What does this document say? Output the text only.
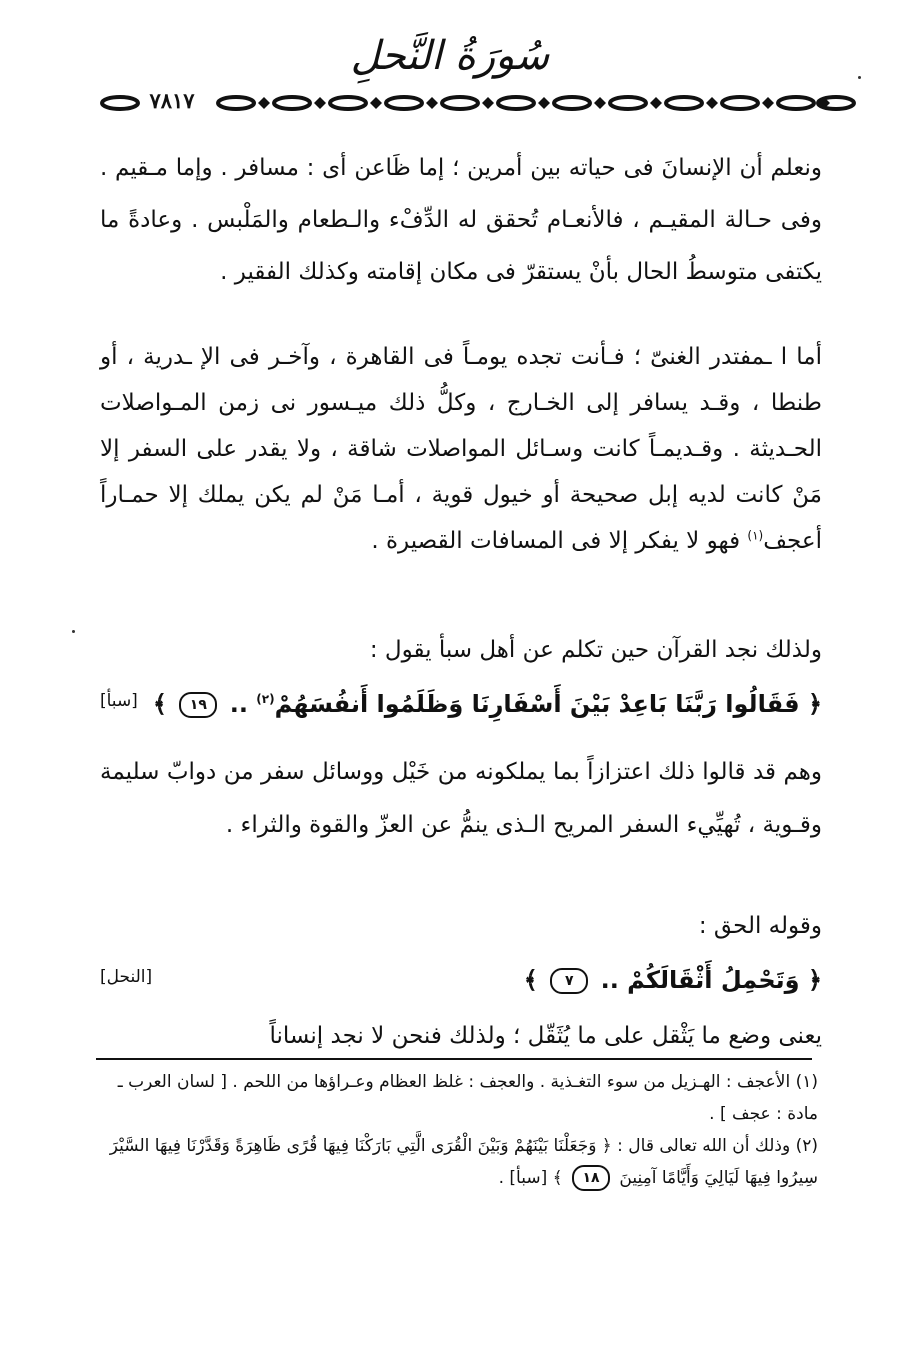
سُورَةُ النَّحلِ
٧٨١٧
ونعلم أن الإنسانَ فى حياته بين أمرين ؛ إما ظَاعن أى : مسافر . وإما مـقيم . وفى حـالة المقيـم ، فالأنعـام تُحقق له الدِّفْء والـطعام والمَلْبس . وعادةً ما يكتفى متوسطُ الحال بأنْ يستقرّ فى مكان إقامته وكذلك الفقير .
أما ا ـمفتدر الغنىّ ؛ فـأنت تجده يومـاً فى القاهرة ، وآخـر فى الإ ـدرية ، أو طنطا ، وقـد يسافر إلى الخـارج ، وكلُّ ذلك ميـسور نى زمن المـواصلات الحـديثة . وقـديمـاً كانت وسـائل المواصلات شاقة ، ولا يقدر على السفر إلا مَنْ كانت لديه إبل صحيحة أو خيول قوية ، أمـا مَنْ لم يكن يملك إلا حمـاراً أعجف$^{(١)}$ فهو لا يفكر إلا فى المسافات القصيرة .
ولذلك نجد القرآن حين تكلم عن أهل سبأ يقول :
﴿ فَقَالُوا رَبَّنَا بَاعِدْ بَيْنَ أَسْفَارِنَا وَظَلَمُوا أَنفُسَهُمْ$^{(٢)}$ .. ١٩ ﴾
[سبأ]
وهم قد قالوا ذلك اعتزازاً بما يملكونه من خَيْل ووسائل سفر من دوابّ سليمة وقـوية ، تُهيِّيء السفر المريح الـذى ينمُّ عن العزّ والقوة والثراء .
وقوله الحق :
﴿ وَتَحْمِلُ أَثْقَالَكُمْ .. ٧ ﴾
[النحل]
يعنى وضع ما يَثْقل على ما يُثَقّل ؛ ولذلك فنحن لا نجد إنساناً

(١) الأعجف : الهـزيل من سوء التغـذية . والعجف : غلظ العظام وعـراؤها من اللحم . [ لسان العرب ـ مادة : عجف ] .

(٢) وذلك أن الله تعالى قال : ﴿ وَجَعَلْنَا بَيْنَهُمْ وَبَيْنَ الْقُرَى الَّتِي بَارَكْنَا فِيهَا قُرًى ظَاهِرَةً وَقَدَّرْنَا فِيهَا السَّيْرَ سِيرُوا فِيهَا لَيَالِيَ وَأَيَّامًا آمِنِينَ ١٨ ﴾ [سبأ] .
